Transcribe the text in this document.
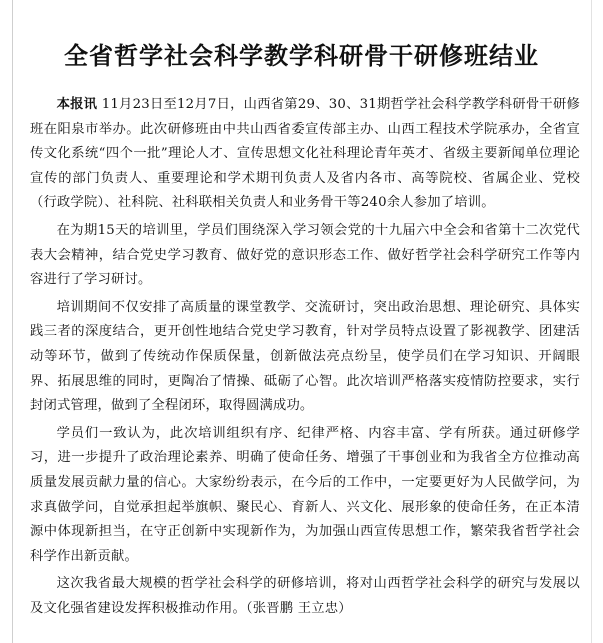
全省哲学社会科学教学科研骨干研修班结业

本报讯 11月23日至12月7日，山西省第29、30、31期哲学社会科学教学科研骨干研修班在阳泉市举办。此次研修班由中共山西省委宣传部主办、山西工程技术学院承办，全省宣传文化系统“四个一批”理论人才、宣传思想文化社科理论青年英才、省级主要新闻单位理论宣传的部门负责人、重要理论和学术期刊负责人及省内各市、高等院校、省属企业、党校（行政学院）、社科院、社科联相关负责人和业务骨干等240余人参加了培训。

在为期15天的培训里，学员们围绕深入学习领会党的十九届六中全会和省第十二次党代表大会精神，结合党史学习教育、做好党的意识形态工作、做好哲学社会科学研究工作等内容进行了学习研讨。

培训期间不仅安排了高质量的课堂教学、交流研讨，突出政治思想、理论研究、具体实践三者的深度结合，更开创性地结合党史学习教育，针对学员特点设置了影视教学、团建活动等环节，做到了传统动作保质保量，创新做法亮点纷呈，使学员们在学习知识、开阔眼界、拓展思维的同时，更陶冶了情操、砥砺了心智。此次培训严格落实疫情防控要求，实行封闭式管理，做到了全程闭环，取得圆满成功。

学员们一致认为，此次培训组织有序、纪律严格、内容丰富、学有所获。通过研修学习，进一步提升了政治理论素养、明确了使命任务、增强了干事创业和为我省全方位推动高质量发展贡献力量的信心。大家纷纷表示，在今后的工作中，一定要更好为人民做学问，为求真做学问，自觉承担起举旗帜、聚民心、育新人、兴文化、展形象的使命任务，在正本清源中体现新担当，在守正创新中实现新作为，为加强山西宣传思想工作，繁荣我省哲学社会科学作出新贡献。

这次我省最大规模的哲学社会科学的研修培训，将对山西哲学社会科学的研究与发展以及文化强省建设发挥积极推动作用。（张晋鹏 王立忠）
